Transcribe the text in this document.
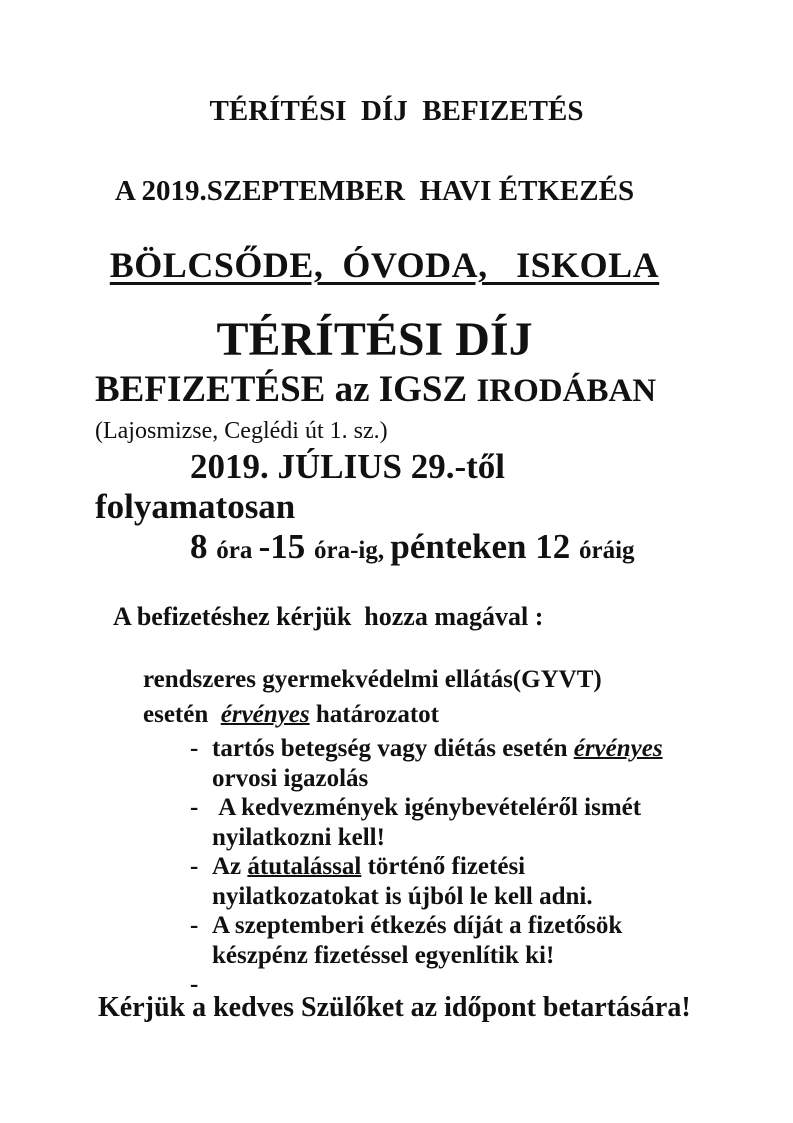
TÉRÍTÉSI  DÍJ  BEFIZETÉS
A 2019.SZEPTEMBER  HAVI ÉTKEZÉS
BÖLCSŐDE,  ÓVODA,   ISKOLA
TÉRÍTÉSI DÍJ
BEFIZETÉSE az IGSZ IRODÁBAN
(Lajosmizse, Ceglédi út 1. sz.)
2019. JÚLIUS 29.-től
folyamatosan
8 óra -15 óra-ig, pénteken 12 óráig
A befizetéshez kérjük  hozza magával :
rendszeres gyermekvédelmi ellátás(GYVT)
esetén  érvényes határozatot
- tartós betegség vagy diétás esetén érvényes
orvosi igazolás
- A kedvezmények igénybevételéről ismét
nyilatkozni kell!
- Az átutalással történő fizetési
nyilatkozatokat is újból le kell adni.
- A szeptemberi étkezés díját a fizetősök
készpénz fizetéssel egyenlítik ki!
-
Kérjük a kedves Szülőket az időpont betartására!
